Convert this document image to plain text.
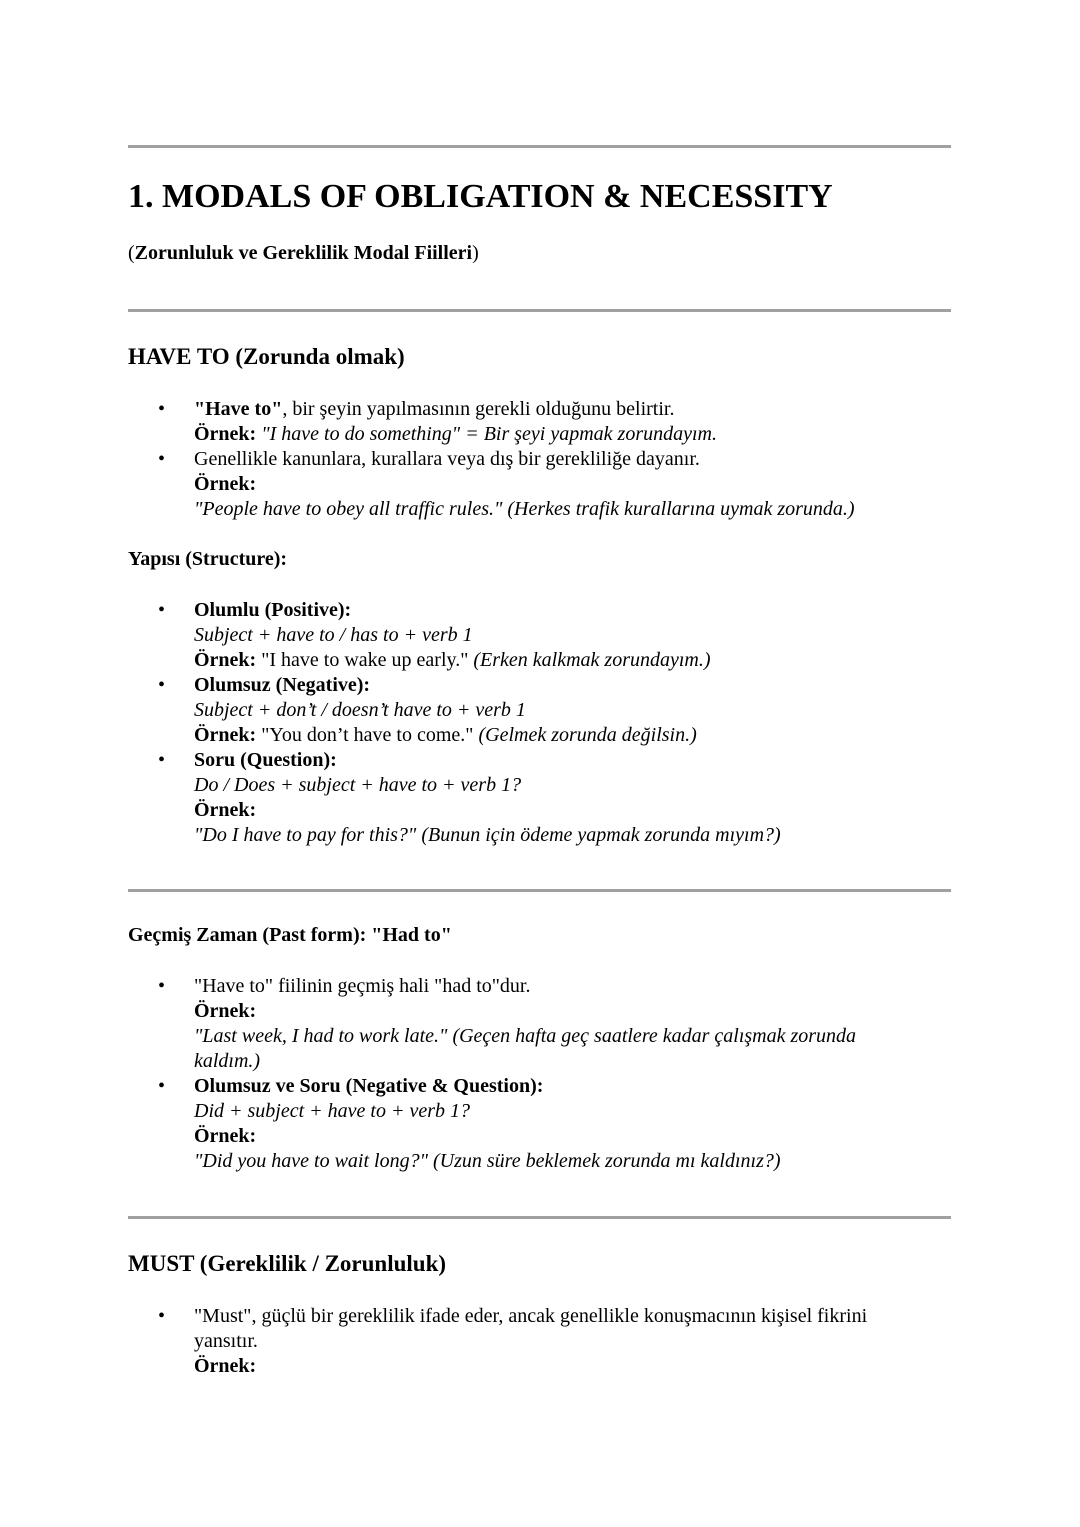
1. MODALS OF OBLIGATION & NECESSITY
(Zorunluluk ve Gereklilik Modal Fiilleri)
HAVE TO (Zorunda olmak)
• "Have to", bir şeyin yapılmasının gerekli olduğunu belirtir.
Örnek: "I have to do something" = Bir şeyi yapmak zorundayım.
• Genellikle kanunlara, kurallara veya dış bir gerekliliğe dayanır.
Örnek:
"People have to obey all traffic rules." (Herkes trafik kurallarına uymak zorunda.)
Yapısı (Structure):
• Olumlu (Positive):
Subject + have to / has to + verb 1
Örnek: "I have to wake up early." (Erken kalkmak zorundayım.)
• Olumsuz (Negative):
Subject + don’t / doesn’t have to + verb 1
Örnek: "You don’t have to come." (Gelmek zorunda değilsin.)
• Soru (Question):
Do / Does + subject + have to + verb 1?
Örnek:
"Do I have to pay for this?" (Bunun için ödeme yapmak zorunda mıyım?)
Geçmiş Zaman (Past form): "Had to"
• "Have to" fiilinin geçmiş hali "had to"dur.
Örnek:
"Last week, I had to work late." (Geçen hafta geç saatlere kadar çalışmak zorunda
kaldım.)
• Olumsuz ve Soru (Negative & Question):
Did + subject + have to + verb 1?
Örnek:
"Did you have to wait long?" (Uzun süre beklemek zorunda mı kaldınız?)
MUST (Gereklilik / Zorunluluk)
• "Must", güçlü bir gereklilik ifade eder, ancak genellikle konuşmacının kişisel fikrini
yansıtır.
Örnek:
